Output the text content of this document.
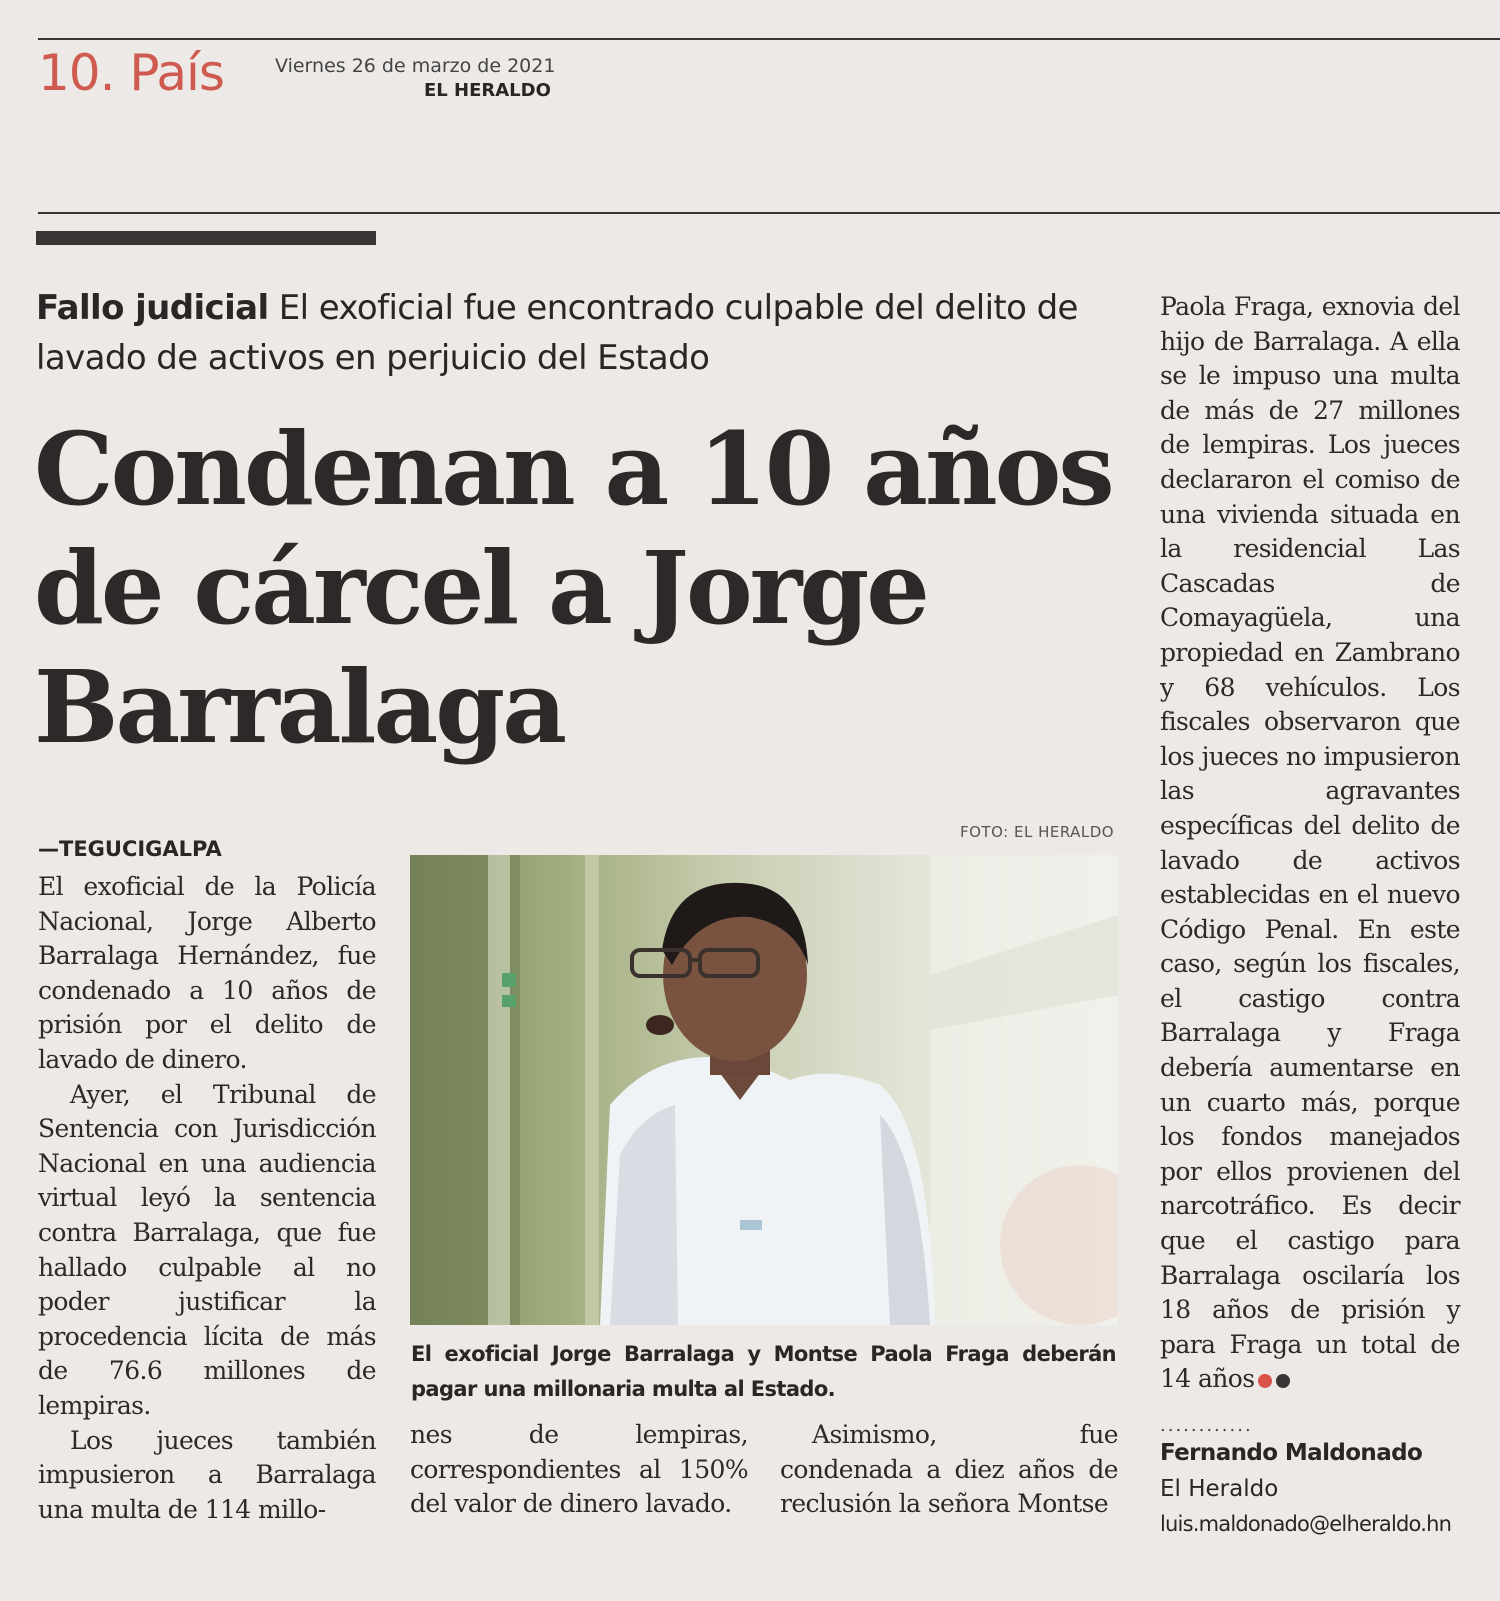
10. País	Viernes 26 de marzo de 2021
EL HERALDO
Fallo judicial El exoficial fue encontrado culpable del delito de lavado de activos en perjuicio del Estado
Condenan a 10 años de cárcel a Jorge Barralaga
—TEGUCIGALPA

El exoficial de la Policía Nacional, Jorge Alberto Barralaga Hernández, fue condenado a 10 años de prisión por el delito de lavado de dinero.

Ayer, el Tribunal de Sentencia con Jurisdicción Nacional en una audiencia virtual leyó la sentencia contra Barralaga, que fue hallado culpable al no poder justificar la procedencia lícita de más de 76.6 millones de lempiras.

Los jueces también impusieron a Barralaga una multa de 114 millo-

FOTO: EL HERALDO
El exoficial Jorge Barralaga y Montse Paola Fraga deberán pagar una millonaria multa al Estado.

nes de lempiras, correspondientes al 150% del valor de dinero lavado.

Asimismo, fue condenada a diez años de reclusión la señora Montse

Paola Fraga, exnovia del hijo de Barralaga. A ella se le impuso una multa de más de 27 millones de lempiras. Los jueces declararon el comiso de una vivienda situada en la residencial Las Cascadas de Comayagüela, una propiedad en Zambrano y 68 vehículos. Los fiscales observaron que los jueces no impusieron las agravantes específicas del delito de lavado de activos establecidas en el nuevo Código Penal. En este caso, según los fiscales, el castigo contra Barralaga y Fraga debería aumentarse en un cuarto más, porque los fondos manejados por ellos provienen del narcotráfico. Es decir que el castigo para Barralaga oscilaría los 18 años de prisión y para Fraga un total de 14 años

............
Fernando Maldonado
El Heraldo
luis.maldonado@elheraldo.hn
